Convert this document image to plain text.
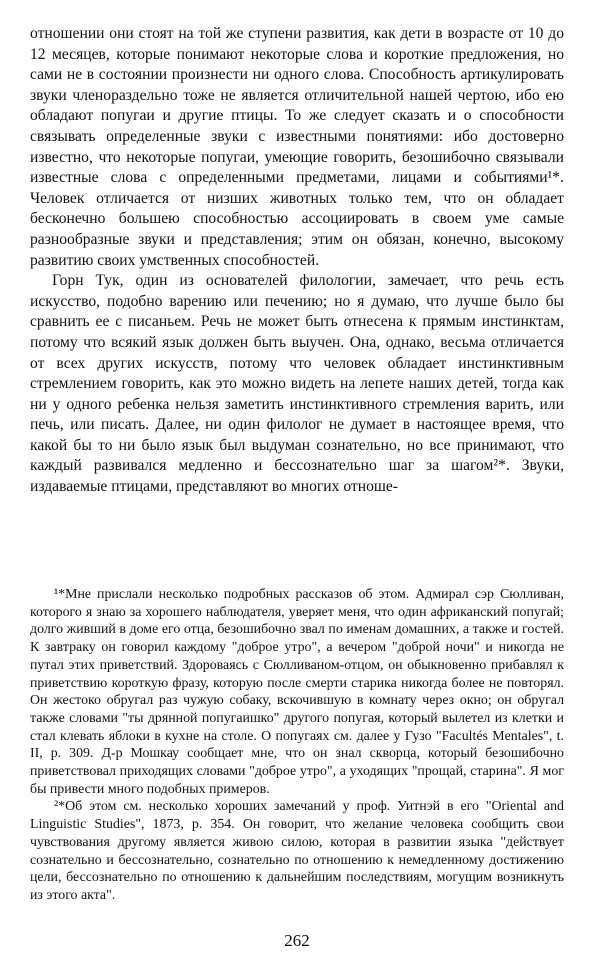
отношении они стоят на той же ступени развития, как дети в возрасте от 10 до 12 месяцев, которые понимают некоторые слова и короткие предложения, но сами не в состоянии произнести ни одного слова. Способность артикулировать звуки членораздельно тоже не является отличительной нашей чертою, ибо ею обладают попугаи и другие птицы. То же следует сказать и о способности связывать определенные звуки с известными понятиями: ибо достоверно известно, что некоторые попугаи, умеющие говорить, безошибочно связывали известные слова с определенными предметами, лицами и событиями¹*. Человек отличается от низших животных только тем, что он обладает бесконечно большею способностью ассоциировать в своем уме самые разнообразные звуки и представления; этим он обязан, конечно, высокому развитию своих умственных способностей.

Горн Тук, один из основателей филологии, замечает, что речь есть искусство, подобно варению или печению; но я думаю, что лучше было бы сравнить ее с писаньем. Речь не может быть отнесена к прямым инстинктам, потому что всякий язык должен быть выучен. Она, однако, весьма отличается от всех других искусств, потому что человек обладает инстинктивным стремлением говорить, как это можно видеть на лепете наших детей, тогда как ни у одного ребенка нельзя заметить инстинктивного стремления варить, или печь, или писать. Далее, ни один филолог не думает в настоящее время, что какой бы то ни было язык был выдуман сознательно, но все принимают, что каждый развивался медленно и бессознательно шаг за шагом²*. Звуки, издаваемые птицами, представляют во многих отноше-

¹*Мне прислали несколько подробных рассказов об этом. Адмирал сэр Сюлливан, которого я знаю за хорошего наблюдателя, уверяет меня, что один африканский попугай; долго живший в доме его отца, безошибочно звал по именам домашних, а также и гостей. К завтраку он говорил каждому "доброе утро", а вечером "доброй ночи" и никогда не путал этих приветствий. Здороваясь с Сюлливаном-отцом, он обыкновенно прибавлял к приветствию короткую фразу, которую после смерти старика никогда более не повторял. Он жестоко обругал раз чужую собаку, вскочившую в комнату через окно; он обругал также словами "ты дрянной попугаишко" другого попугая, который вылетел из клетки и стал клевать яблоки в кухне на столе. О попугаях см. далее у Гузо "Facultés Mentales", t. II, p. 309. Д-р Мошкау сообщает мне, что он знал скворца, который безошибочно приветствовал приходящих словами "доброе утро", а уходящих "прощай, старина". Я мог бы привести много подобных примеров.

²*Об этом см. несколько хороших замечаний у проф. Уитнэй в его "Oriental and Linguistic Studies", 1873, p. 354. Он говорит, что желание человека сообщить свои чувствования другому является живою силою, которая в развитии языка "действует сознательно и бессознательно, сознательно по отношению к немедленному достижению цели, бессознательно по отношению к дальнейшим последствиям, могущим возникнуть из этого акта".

262
